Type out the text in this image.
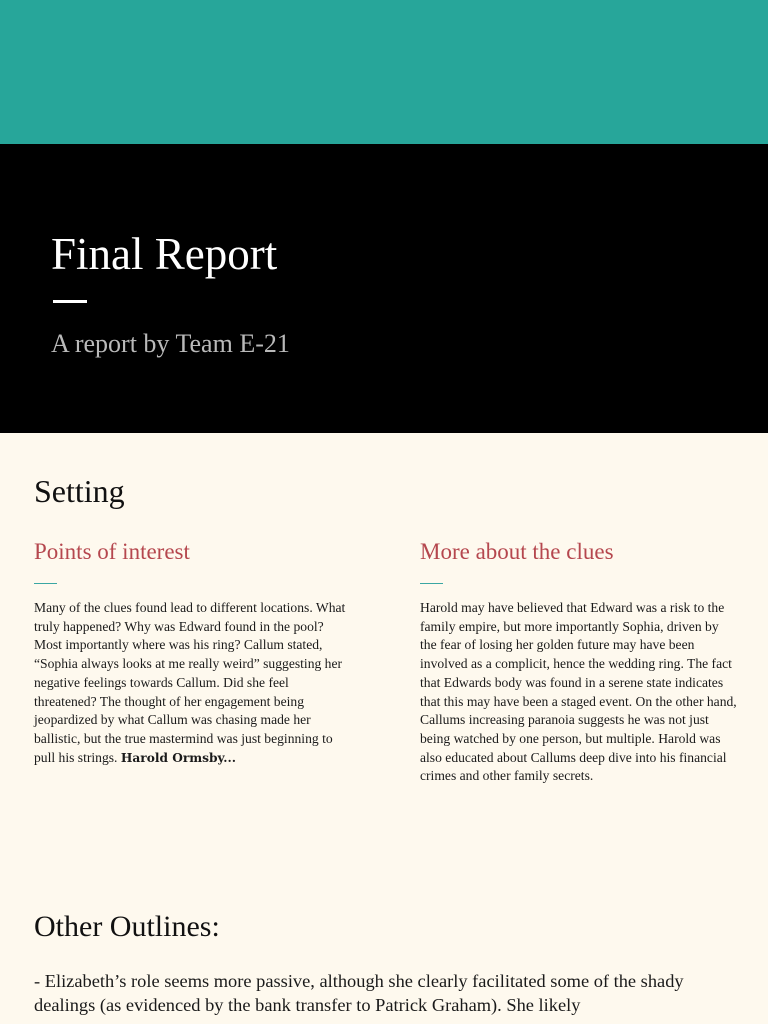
Final Report

A report by Team E-21

Setting
Points of interest

Many of the clues found lead to different locations. What truly happened? Why was Edward found in the pool? Most importantly where was his ring? Callum stated, “Sophia always looks at me really weird” suggesting her negative feelings towards Callum. Did she feel threatened? The thought of her engagement being jeopardized by what Callum was chasing made her ballistic, but the true mastermind was just beginning to pull his strings. Harold Ormsby...

More about the clues

Harold may have believed that Edward was a risk to the family empire, but more importantly Sophia, driven by the fear of losing her golden future may have been involved as a complicit, hence the wedding ring. The fact that Edwards body was found in a serene state indicates that this may have been a staged event. On the other hand, Callums increasing paranoia suggests he was not just being watched by one person, but multiple. Harold was also educated about Callums deep dive into his financial crimes and other family secrets.

Other Outlines:

- Elizabeth’s role seems more passive, although she clearly facilitated some of the shady dealings (as evidenced by the bank transfer to Patrick Graham). She likely
